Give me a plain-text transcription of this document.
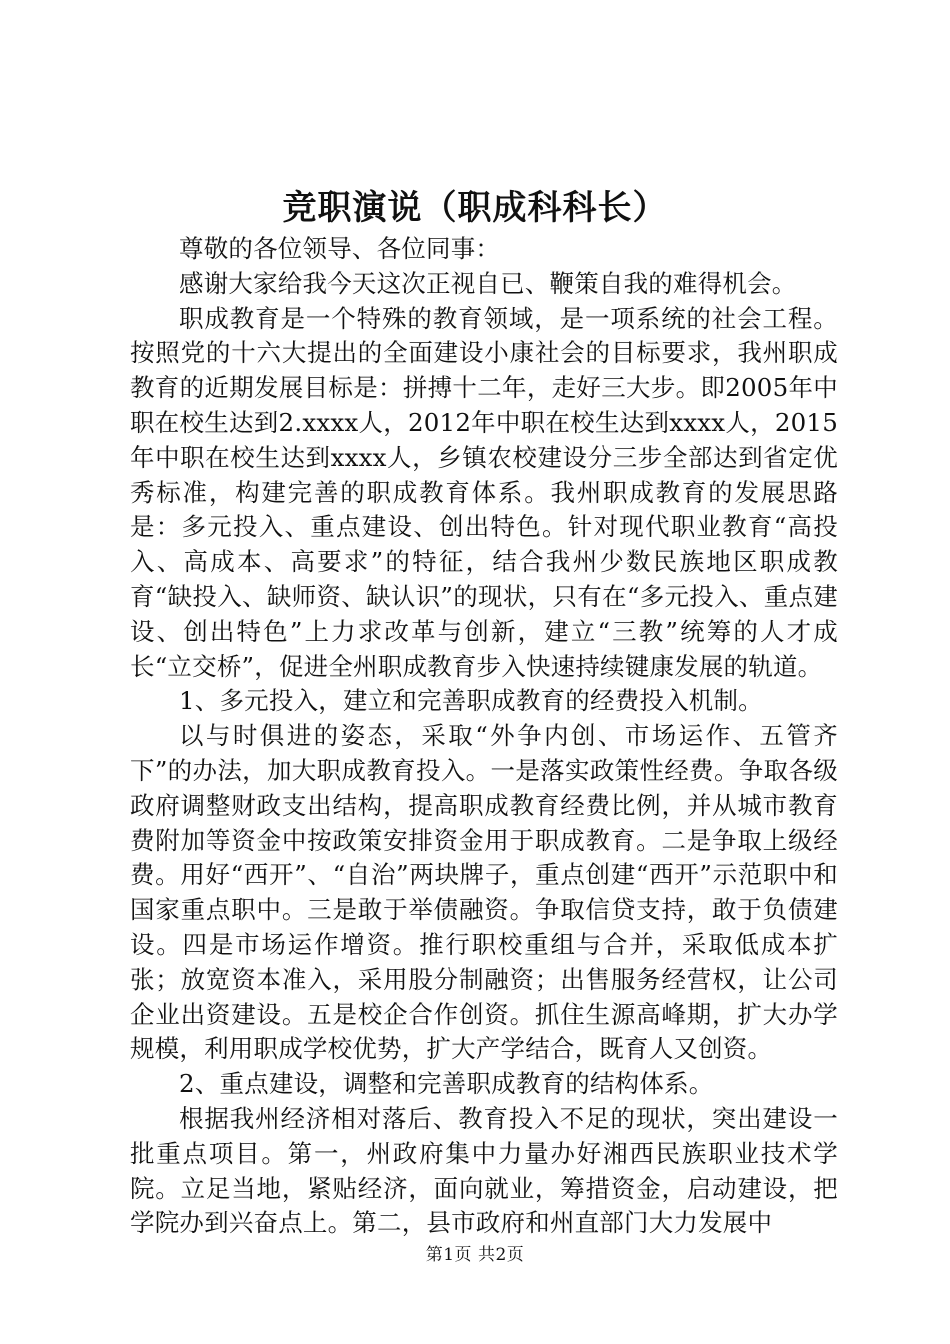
竞职演说（职成科科长）

尊敬的各位领导、各位同事：

感谢大家给我今天这次正视自已、鞭策自我的难得机会。

职成教育是一个特殊的教育领域，是一项系统的社会工程。按照党的十六大提出的全面建设小康社会的目标要求，我州职成教育的近期发展目标是：拼搏十二年，走好三大步。即2005年中职在校生达到2.xxxx人，2012年中职在校生达到xxxx人，2015年中职在校生达到xxxx人，乡镇农校建设分三步全部达到省定优秀标准，构建完善的职成教育体系。我州职成教育的发展思路是：多元投入、重点建设、创出特色。针对现代职业教育“高投入、高成本、高要求”的特征，结合我州少数民族地区职成教育“缺投入、缺师资、缺认识”的现状，只有在“多元投入、重点建设、创出特色”上力求改革与创新，建立“三教”统筹的人才成长“立交桥”，促进全州职成教育步入快速持续键康发展的轨道。

1、多元投入，建立和完善职成教育的经费投入机制。

以与时俱进的姿态，采取“外争内创、市场运作、五管齐下”的办法，加大职成教育投入。一是落实政策性经费。争取各级政府调整财政支出结构，提高职成教育经费比例，并从城市教育费附加等资金中按政策安排资金用于职成教育。二是争取上级经费。用好“西开”、“自治”两块牌子，重点创建“西开”示范职中和国家重点职中。三是敢于举债融资。争取信贷支持，敢于负债建设。四是市场运作增资。推行职校重组与合并，采取低成本扩张；放宽资本准入，采用股分制融资；出售服务经营权，让公司企业出资建设。五是校企合作创资。抓住生源高峰期，扩大办学规模，利用职成学校优势，扩大产学结合，既育人又创资。

2、重点建设，调整和完善职成教育的结构体系。

根据我州经济相对落后、教育投入不足的现状，突出建设一批重点项目。第一，州政府集中力量办好湘西民族职业技术学院。立足当地，紧贴经济，面向就业，筹措资金，启动建设，把学院办到兴奋点上。第二，县市政府和州直部门大力发展中

第1页 共2页
